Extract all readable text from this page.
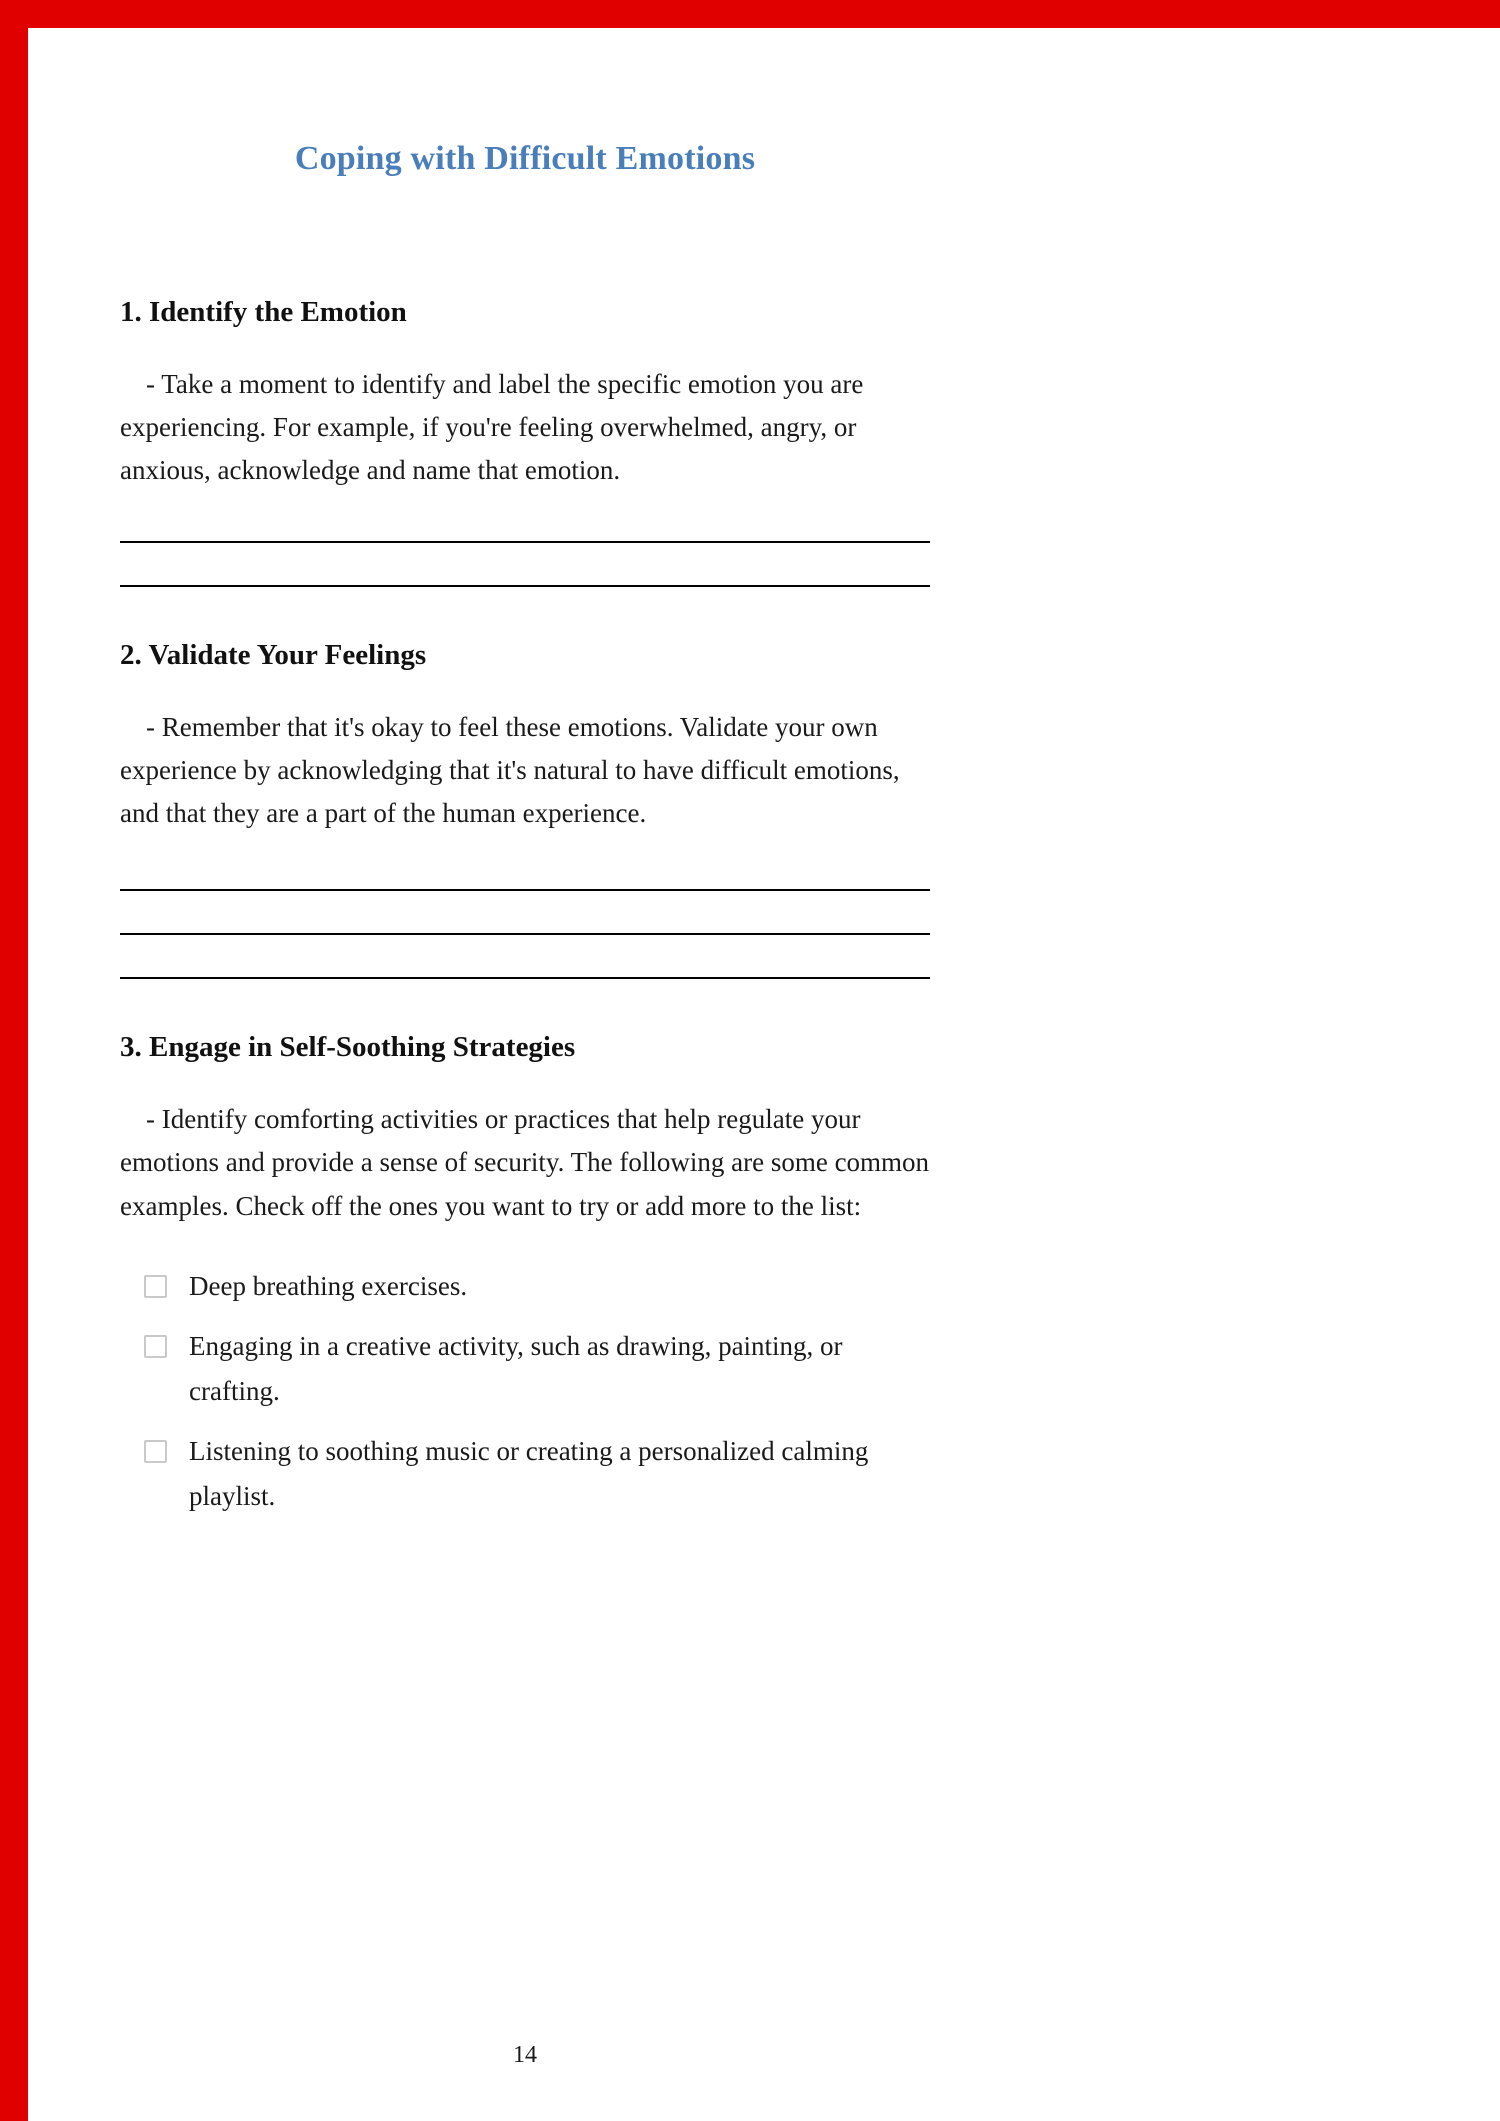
Coping with Difficult Emotions
1. Identify the Emotion

- Take a moment to identify and label the specific emotion you are experiencing. For example, if you're feeling overwhelmed, angry, or anxious, acknowledge and name that emotion.

2. Validate Your Feelings

- Remember that it's okay to feel these emotions. Validate your own experience by acknowledging that it's natural to have difficult emotions, and that they are a part of the human experience.

3. Engage in Self-Soothing Strategies

- Identify comforting activities or practices that help regulate your emotions and provide a sense of security. The following are some common examples. Check off the ones you want to try or add more to the list:

Deep breathing exercises.
Engaging in a creative activity, such as drawing, painting, or crafting.
Listening to soothing music or creating a personalized calming playlist.
14
